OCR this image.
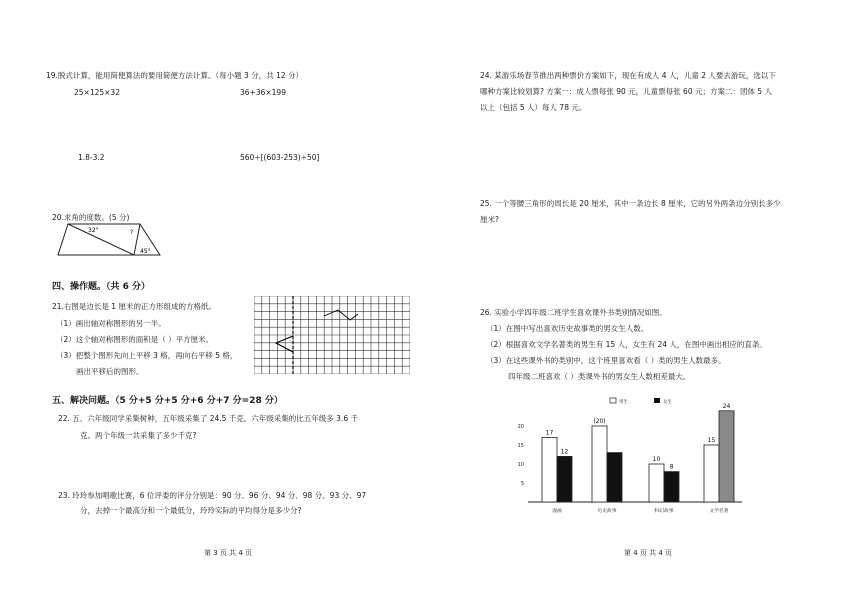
19.脱式计算，能用简便算法的要用简便方法计算。（每小题 3 分，共 12 分）
25×125×32	36+36×199
1.8-3.2	560÷[(603-253)÷50]
20.求角的度数。(5 分)
32°	?
45°
四、操作题。（共 6 分）
21.右图是边长是 1 厘米的正方形组成的方格纸。
（1）画出轴对称图形的另一半。
（2）这个轴对称图形的面积是（ ）平方厘米。
（3）把整个图形先向上平移 3 格，再向右平移 5 格，
画出平移后的图形。
五、解决问题。（5 分+5 分+5 分+6 分+7 分=28 分）
22. 五、六年级同学采集树种，五年级采集了 24.5 千克，六年级采集的比五年级多 3.6 千
克。两个年级一共采集了多少千克?
23. 玲玲参加唱歌比赛，6 位评委的评分分别是：90 分、96 分、94 分、98 分、93 分、97
分，去掉一个最高分和一个最低分，玲玲实际的平均得分是多少分?
第 3 页 共 4 页
24. 某游乐场春节推出两种票价方案如下，现在有成人 4 人，儿童 2 人要去游玩，选以下
哪种方案比较划算? 方案一：成人票每张 90 元，儿童票每张 60 元；方案二：团体 5 人
以上（包括 5 人）每人 78 元。
25. 一个等腰三角形的周长是 20 厘米，其中一条边长 8 厘米，它的另外两条边分别长多少
厘米?
26. 实验小学四年级二班学生喜欢课外书类别情况如图。
（1）在图中写出喜欢历史故事类的男女生人数。
（2）根据喜欢文学名著类的男生有 15 人，女生有 24 人，在图中画出相应的直条。
（3）在这些课外书的类别中，这个班里喜欢看（ ）类的男生人数最多。
四年级二班喜欢（ ）类课外书的男女生人数相差最大。
5
10
15
20
男生	女生
17
12
漫画
(20)
历史故事
10
8
科幻故事
15
24
文学名著
第 4 页 共 4 页
